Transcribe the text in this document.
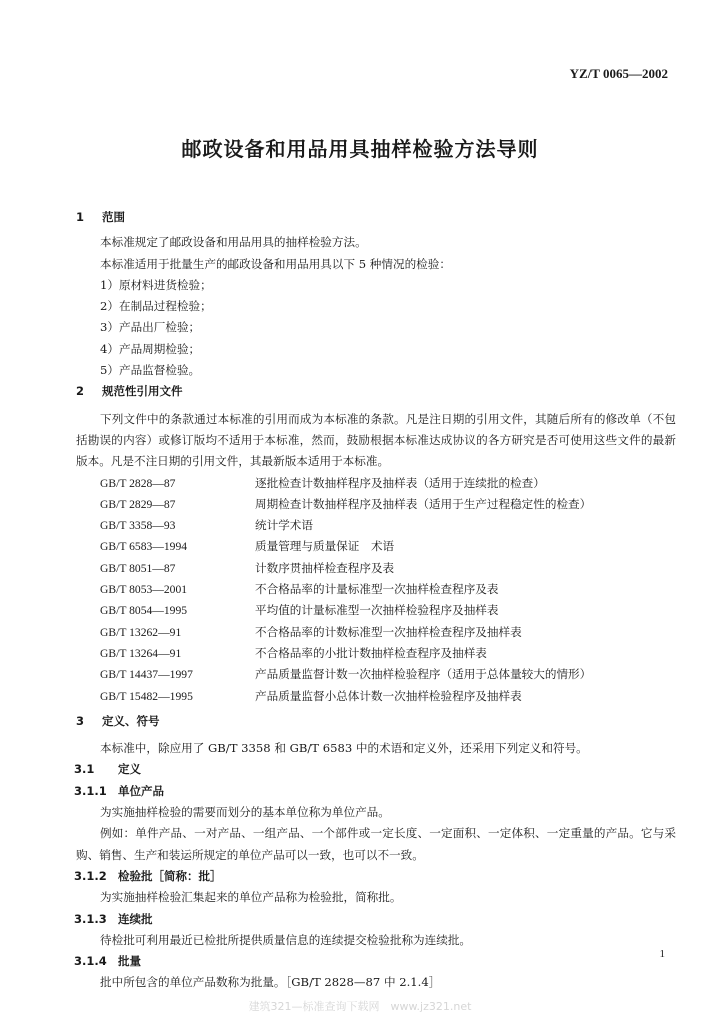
YZ/T 0065—2002
邮政设备和用品用具抽样检验方法导则
1	范围
本标准规定了邮政设备和用品用具的抽样检验方法。
本标准适用于批量生产的邮政设备和用品用具以下 5 种情况的检验：
1）原材料进货检验；
2）在制品过程检验；
3）产品出厂检验；
4）产品周期检验；
5）产品监督检验。
2	规范性引用文件
下列文件中的条款通过本标准的引用而成为本标准的条款。凡是注日期的引用文件，其随后所有的修改单（不包括勘误的内容）或修订版均不适用于本标准，然而，鼓励根据本标准达成协议的各方研究是否可使用这些文件的最新版本。凡是不注日期的引用文件，其最新版本适用于本标准。
GB/T 2828—87	逐批检查计数抽样程序及抽样表（适用于连续批的检查）
GB/T 2829—87	周期检查计数抽样程序及抽样表（适用于生产过程稳定性的检查）
GB/T 3358—93	统计学术语
GB/T 6583—1994	质量管理与质量保证　术语
GB/T 8051—87	计数序贯抽样检查程序及表
GB/T 8053—2001	不合格品率的计量标准型一次抽样检查程序及表
GB/T 8054—1995	平均值的计量标准型一次抽样检验程序及抽样表
GB/T 13262—91	不合格品率的计数标准型一次抽样检查程序及抽样表
GB/T 13264—91	不合格品率的小批计数抽样检查程序及抽样表
GB/T 14437—1997	产品质量监督计数一次抽样检验程序（适用于总体量较大的情形）
GB/T 15482—1995	产品质量监督小总体计数一次抽样检验程序及抽样表
3	定义、符号
本标准中，除应用了 GB/T 3358 和 GB/T 6583 中的术语和定义外，还采用下列定义和符号。
3.1	定义
3.1.1 单位产品
为实施抽样检验的需要而划分的基本单位称为单位产品。
例如：单件产品、一对产品、一组产品、一个部件或一定长度、一定面积、一定体积、一定重量的产品。它与采购、销售、生产和装运所规定的单位产品可以一致，也可以不一致。
3.1.2 检验批［简称：批］
为实施抽样检验汇集起来的单位产品称为检验批，简称批。
3.1.3 连续批
待检批可利用最近已检批所提供质量信息的连续提交检验批称为连续批。
3.1.4 批量
批中所包含的单位产品数称为批量。［GB/T 2828—87 中 2.1.4］
1
建筑321—标准查询下载网　www.jz321.net
